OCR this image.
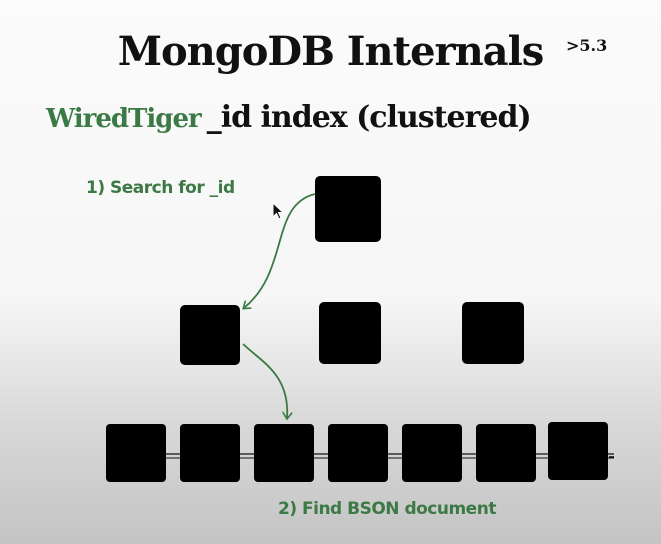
MongoDB Internals	>5.3
WiredTiger _id index (clustered)
1) Search for _id
2) Find BSON document
